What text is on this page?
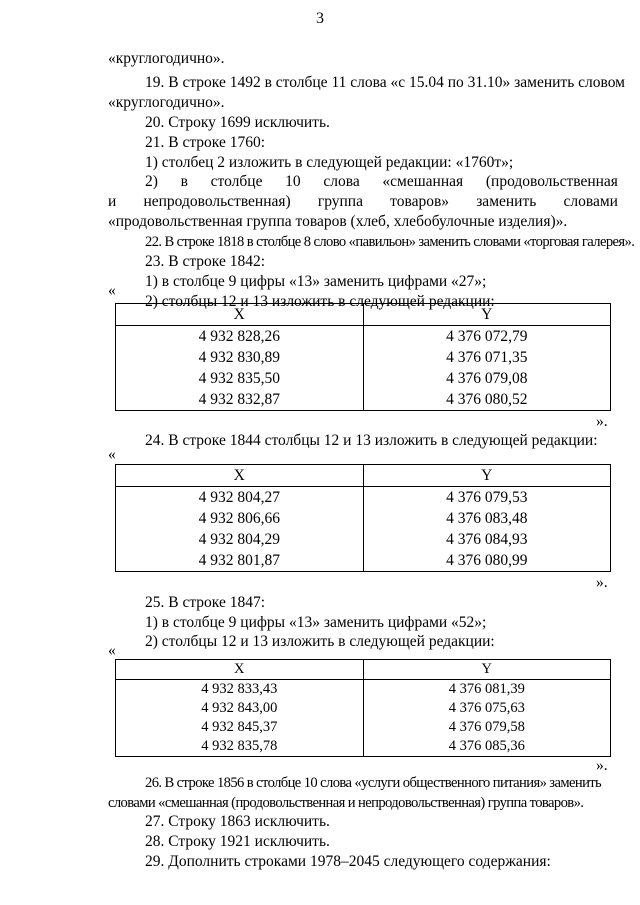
3
«круглогодично».
19. В строке 1492 в столбце 11 слова «с 15.04 по 31.10» заменить словом
«круглогодично».
20. Строку 1699 исключить.
21. В строке 1760:
1) столбец 2 изложить в следующей редакции: «1760т»;
2) в столбце 10 слова «смешанная (продовольственная
и непродовольственная) группа товаров» заменить словами
«продовольственная группа товаров (хлеб, хлебобулочные изделия)».
22. В строке 1818 в столбце 8 слово «павильон» заменить словами «торговая галерея».
23. В строке 1842:
1) в столбце 9 цифры «13» заменить цифрами «27»;
2) столбцы 12 и 13 изложить в следующей редакции:
«
X	Y
4 932 828,26	4 376 072,79
4 932 830,89	4 376 071,35
4 932 835,50	4 376 079,08
4 932 832,87	4 376 080,52
».
24. В строке 1844 столбцы 12 и 13 изложить в следующей редакции:
«
X	Y
4 932 804,27	4 376 079,53
4 932 806,66	4 376 083,48
4 932 804,29	4 376 084,93
4 932 801,87	4 376 080,99
».
25. В строке 1847:
1) в столбце 9 цифры «13» заменить цифрами «52»;
2) столбцы 12 и 13 изложить в следующей редакции:
«
X	Y
4 932 833,43	4 376 081,39
4 932 843,00	4 376 075,63
4 932 845,37	4 376 079,58
4 932 835,78	4 376 085,36
».
26. В строке 1856 в столбце 10 слова «услуги общественного питания» заменить
словами «смешанная (продовольственная и непродовольственная) группа товаров».
27. Строку 1863 исключить.
28. Строку 1921 исключить.
29. Дополнить строками 1978–2045 следующего содержания:
